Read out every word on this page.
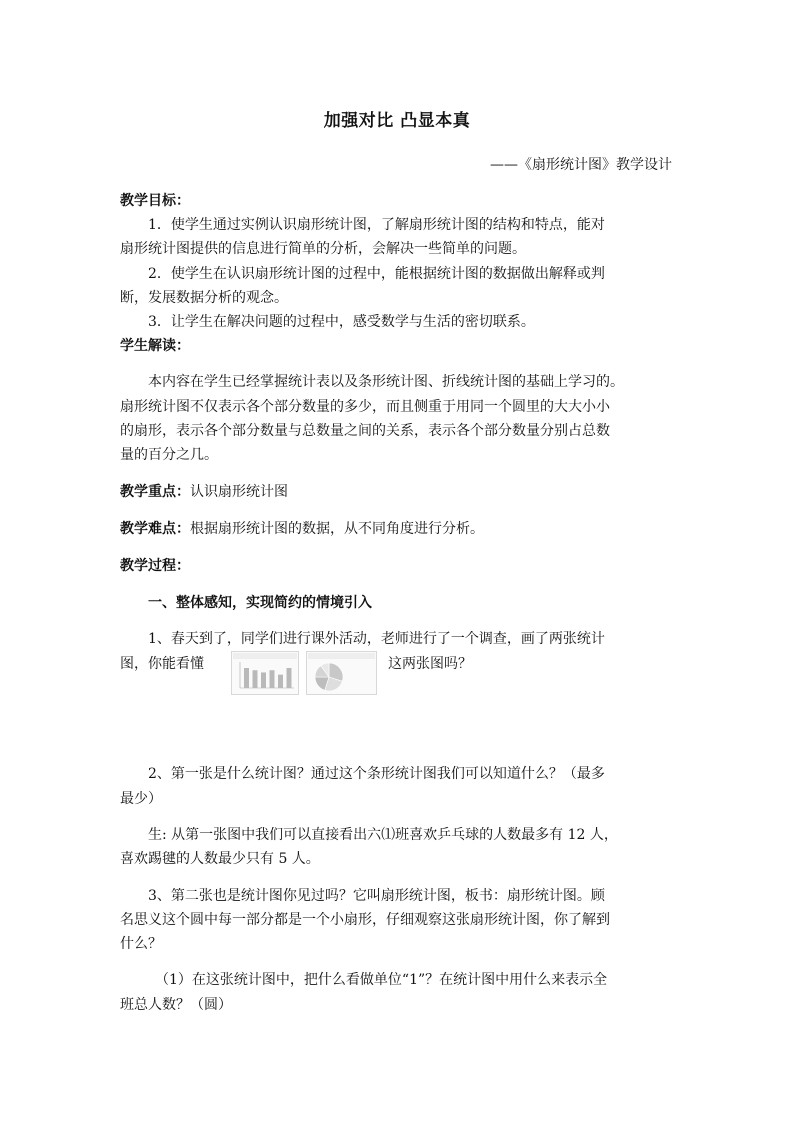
加强对比 凸显本真
——《扇形统计图》教学设计
教学目标：
1．使学生通过实例认识扇形统计图，了解扇形统计图的结构和特点，能对
扇形统计图提供的信息进行简单的分析，会解决一些简单的问题。
2．使学生在认识扇形统计图的过程中，能根据统计图的数据做出解释或判
断，发展数据分析的观念。
3．让学生在解决问题的过程中，感受数学与生活的密切联系。
学生解读：
本内容在学生已经掌握统计表以及条形统计图、折线统计图的基础上学习的。
扇形统计图不仅表示各个部分数量的多少，而且侧重于用同一个圆里的大大小小
的扇形，表示各个部分数量与总数量之间的关系，表示各个部分数量分别占总数
量的百分之几。
教学重点：认识扇形统计图
教学难点：根据扇形统计图的数据，从不同角度进行分析。
教学过程：
一、整体感知，实现简约的情境引入
1、春天到了，同学们进行课外活动，老师进行了一个调查，画了两张统计
图，你能看懂	这两张图吗？
2、第一张是什么统计图？通过这个条形统计图我们可以知道什么？（最多
最少）
生: 从第一张图中我们可以直接看出六⑴班喜欢乒乓球的人数最多有 12 人，
喜欢踢毽的人数最少只有 5 人。
3、第二张也是统计图你见过吗？它叫扇形统计图，板书：扇形统计图。顾
名思义这个圆中每一部分都是一个小扇形，仔细观察这张扇形统计图，你了解到
什么？
（1）在这张统计图中，把什么看做单位“1”？在统计图中用什么来表示全
班总人数？（圆）
